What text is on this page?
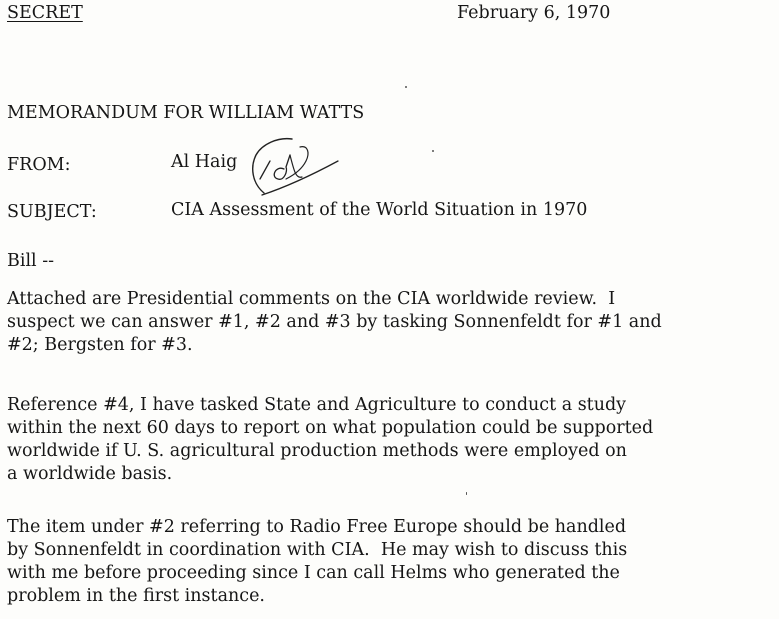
SECRET	February 6, 1970
MEMORANDUM FOR WILLIAM WATTS
FROM:	Al Haig
SUBJECT:	CIA Assessment of the World Situation in 1970
Bill --
Attached are Presidential comments on the CIA worldwide review.  I
suspect we can answer #1, #2 and #3 by tasking Sonnenfeldt for #1 and
#2; Bergsten for #3.
Reference #4, I have tasked State and Agriculture to conduct a study
within the next 60 days to report on what population could be supported
worldwide if U. S. agricultural production methods were employed on
a worldwide basis.
The item under #2 referring to Radio Free Europe should be handled
by Sonnenfeldt in coordination with CIA.  He may wish to discuss this
with me before proceeding since I can call Helms who generated the
problem in the first instance.
